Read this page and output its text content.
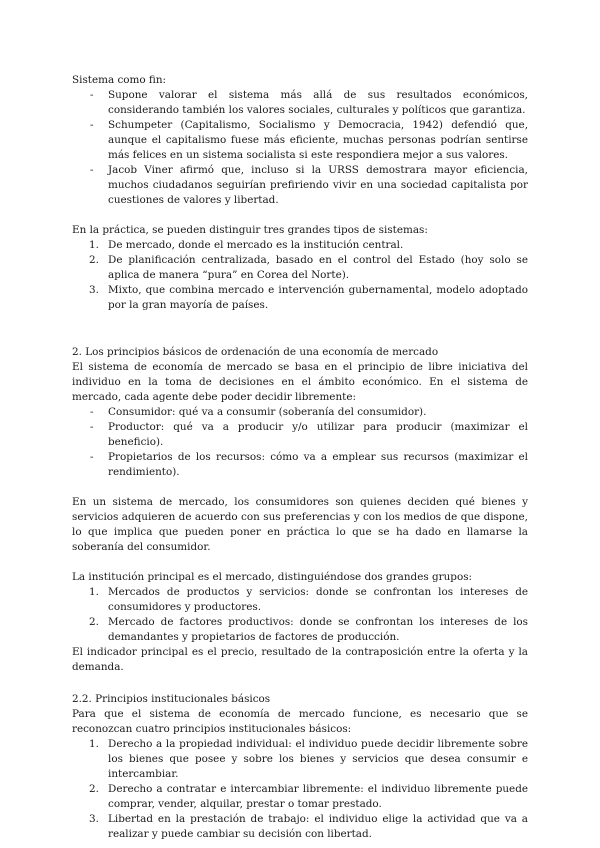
Sistema como fin:

- Supone valorar el sistema más allá de sus resultados económicos, considerando también los valores sociales, culturales y políticos que garantiza.
- Schumpeter (Capitalismo, Socialismo y Democracia, 1942) defendió que, aunque el capitalismo fuese más eficiente, muchas personas podrían sentirse más felices en un sistema socialista si este respondiera mejor a sus valores.
- Jacob Viner afirmó que, incluso si la URSS demostrara mayor eficiencia, muchos ciudadanos seguirían prefiriendo vivir en una sociedad capitalista por cuestiones de valores y libertad.

En la práctica, se pueden distinguir tres grandes tipos de sistemas:

1. De mercado, donde el mercado es la institución central.
2. De planificación centralizada, basado en el control del Estado (hoy solo se aplica de manera “pura” en Corea del Norte).
3. Mixto, que combina mercado e intervención gubernamental, modelo adoptado por la gran mayoría de países.

2. Los principios básicos de ordenación de una economía de mercado

El sistema de economía de mercado se basa en el principio de libre iniciativa del individuo en la toma de decisiones en el ámbito económico. En el sistema de mercado, cada agente debe poder decidir libremente:

- Consumidor: qué va a consumir (soberanía del consumidor).
- Productor: qué va a producir y/o utilizar para producir (maximizar el beneficio).
- Propietarios de los recursos: cómo va a emplear sus recursos (maximizar el rendimiento).

En un sistema de mercado, los consumidores son quienes deciden qué bienes y servicios adquieren de acuerdo con sus preferencias y con los medios de que dispone, lo que implica que pueden poner en práctica lo que se ha dado en llamarse la soberanía del consumidor.

La institución principal es el mercado, distinguiéndose dos grandes grupos:

1. Mercados de productos y servicios: donde se confrontan los intereses de consumidores y productores.
2. Mercado de factores productivos: donde se confrontan los intereses de los demandantes y propietarios de factores de producción.

El indicador principal es el precio, resultado de la contraposición entre la oferta y la demanda.

2.2. Principios institucionales básicos

Para que el sistema de economía de mercado funcione, es necesario que se reconozcan cuatro principios institucionales básicos:

1. Derecho a la propiedad individual: el individuo puede decidir libremente sobre los bienes que posee y sobre los bienes y servicios que desea consumir e intercambiar.
2. Derecho a contratar e intercambiar libremente: el individuo libremente puede comprar, vender, alquilar, prestar o tomar prestado.
3. Libertad en la prestación de trabajo: el individuo elige la actividad que va a realizar y puede cambiar su decisión con libertad.
